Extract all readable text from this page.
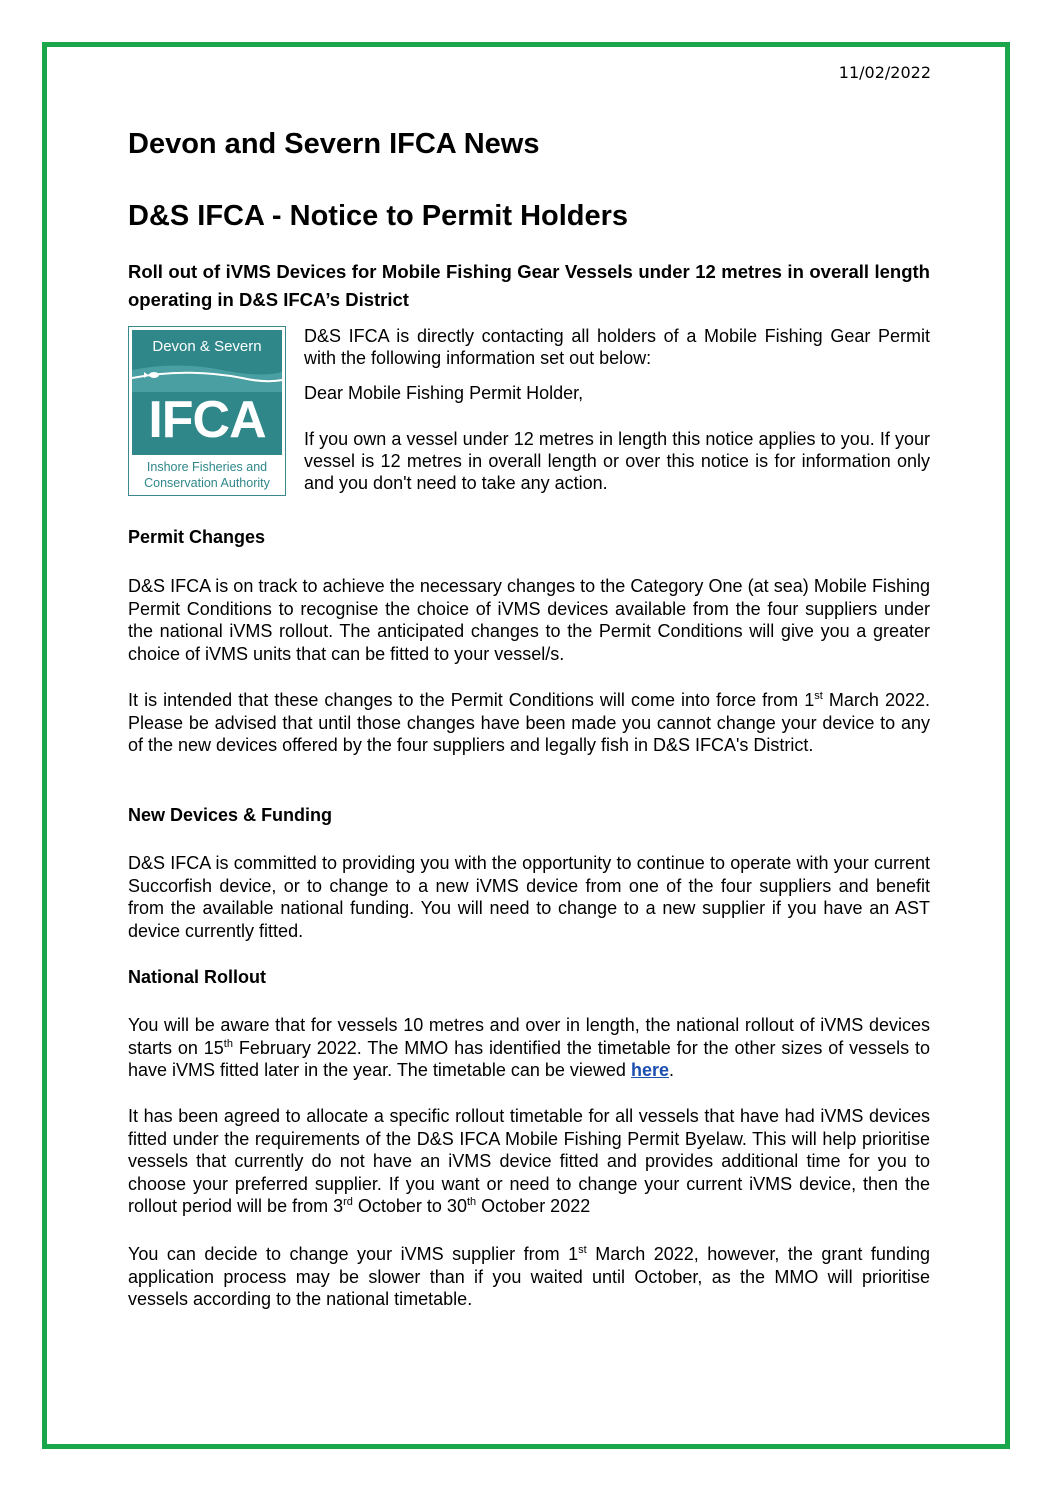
11/02/2022
Devon and Severn IFCA News
D&S IFCA - Notice to Permit Holders

Roll out of iVMS Devices for Mobile Fishing Gear Vessels under 12 metres in overall length operating in D&S IFCA’s District

Devon & Severn
IFCA
Inshore Fisheries and
Conservation Authority

D&S IFCA is directly contacting all holders of a Mobile Fishing Gear Permit with the following information set out below:

Dear Mobile Fishing Permit Holder,

If you own a vessel under 12 metres in length this notice applies to you. If your vessel is 12 metres in overall length or over this notice is for information only and you don't need to take any action.

Permit Changes

D&S IFCA is on track to achieve the necessary changes to the Category One (at sea) Mobile Fishing Permit Conditions to recognise the choice of iVMS devices available from the four suppliers under the national iVMS rollout. The anticipated changes to the Permit Conditions will give you a greater choice of iVMS units that can be fitted to your vessel/s.

It is intended that these changes to the Permit Conditions will come into force from 1st March 2022. Please be advised that until those changes have been made you cannot change your device to any of the new devices offered by the four suppliers and legally fish in D&S IFCA's District.

New Devices & Funding

D&S IFCA is committed to providing you with the opportunity to continue to operate with your current Succorfish device, or to change to a new iVMS device from one of the four suppliers and benefit from the available national funding. You will need to change to a new supplier if you have an AST device currently fitted.

National Rollout

You will be aware that for vessels 10 metres and over in length, the national rollout of iVMS devices starts on 15th February 2022. The MMO has identified the timetable for the other sizes of vessels to have iVMS fitted later in the year. The timetable can be viewed here.

It has been agreed to allocate a specific rollout timetable for all vessels that have had iVMS devices fitted under the requirements of the D&S IFCA Mobile Fishing Permit Byelaw. This will help prioritise vessels that currently do not have an iVMS device fitted and provides additional time for you to choose your preferred supplier. If you want or need to change your current iVMS device, then the rollout period will be from 3rd October to 30th October 2022

You can decide to change your iVMS supplier from 1st March 2022, however, the grant funding application process may be slower than if you waited until October, as the MMO will prioritise vessels according to the national timetable.
